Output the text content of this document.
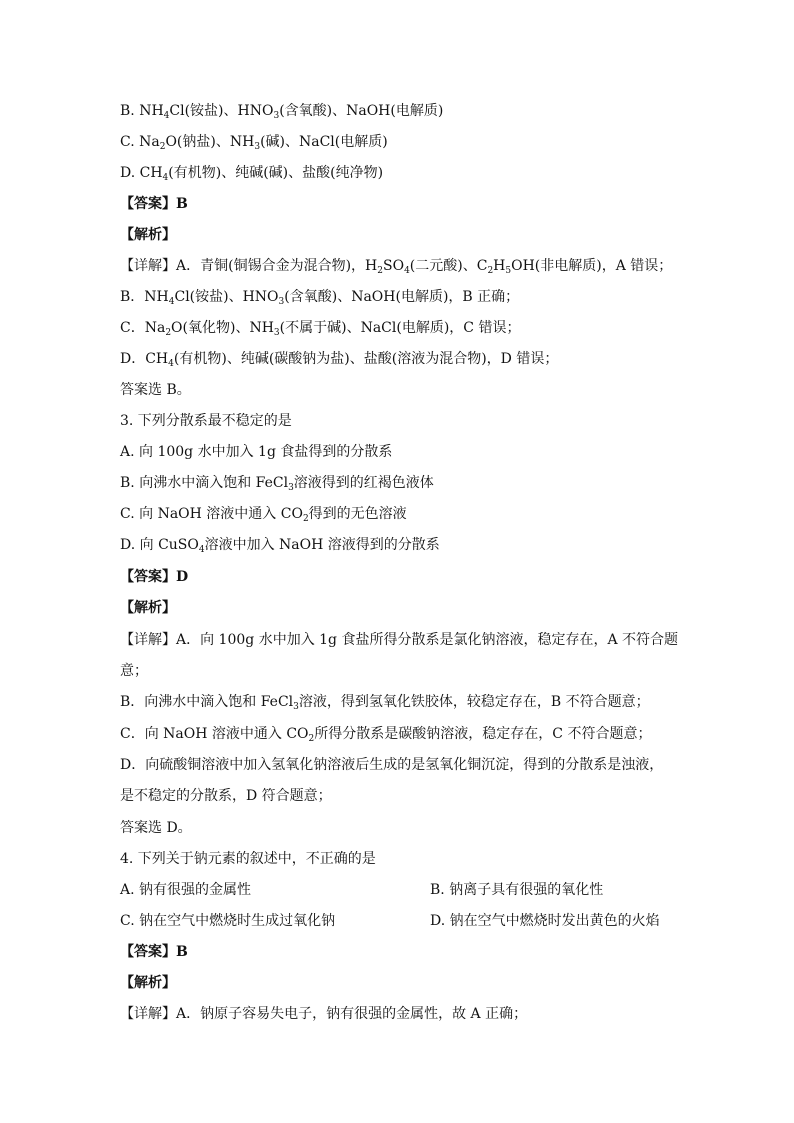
B. $NH_4Cl$(铵盐)、$HNO_3$(含氧酸)、NaOH(电解质)
C. $Na_2O$(钠盐)、$NH_3$(碱)、NaCl(电解质)
D. $CH_4$(有机物)、纯碱(碱)、盐酸(纯净物)
【答案】B
【解析】
【详解】A．青铜(铜锡合金为混合物)，$H_2SO_4$(二元酸)、$C_2H_5OH$(非电解质)，A 错误；
B．$NH_4Cl$(铵盐)、$HNO_3$(含氧酸)、NaOH(电解质)，B 正确；
C．$Na_2O$(氧化物)、$NH_3$(不属于碱)、NaCl(电解质)，C 错误；
D．$CH_4$(有机物)、纯碱(碳酸钠为盐)、盐酸(溶液为混合物)，D 错误；
答案选 B。
3. 下列分散系最不稳定的是
A. 向 100g 水中加入 1g 食盐得到的分散系
B. 向沸水中滴入饱和 FeCl$_3$溶液得到的红褐色液体
C. 向 NaOH 溶液中通入 $CO_2$得到的无色溶液
D. 向 CuSO$_4$溶液中加入 NaOH 溶液得到的分散系
【答案】D
【解析】
【详解】A．向 100g 水中加入 1g 食盐所得分散系是氯化钠溶液，稳定存在，A 不符合题
意；
B．向沸水中滴入饱和 FeCl$_3$溶液，得到氢氧化铁胶体，较稳定存在，B 不符合题意；
C．向 NaOH 溶液中通入 $CO_2$所得分散系是碳酸钠溶液，稳定存在，C 不符合题意；
D．向硫酸铜溶液中加入氢氧化钠溶液后生成的是氢氧化铜沉淀，得到的分散系是浊液，
是不稳定的分散系，D 符合题意；
答案选 D。
4. 下列关于钠元素的叙述中，不正确的是
A. 钠有很强的金属性	B. 钠离子具有很强的氧化性
C. 钠在空气中燃烧时生成过氧化钠	D. 钠在空气中燃烧时发出黄色的火焰
【答案】B
【解析】
【详解】A．钠原子容易失电子，钠有很强的金属性，故 A 正确；
